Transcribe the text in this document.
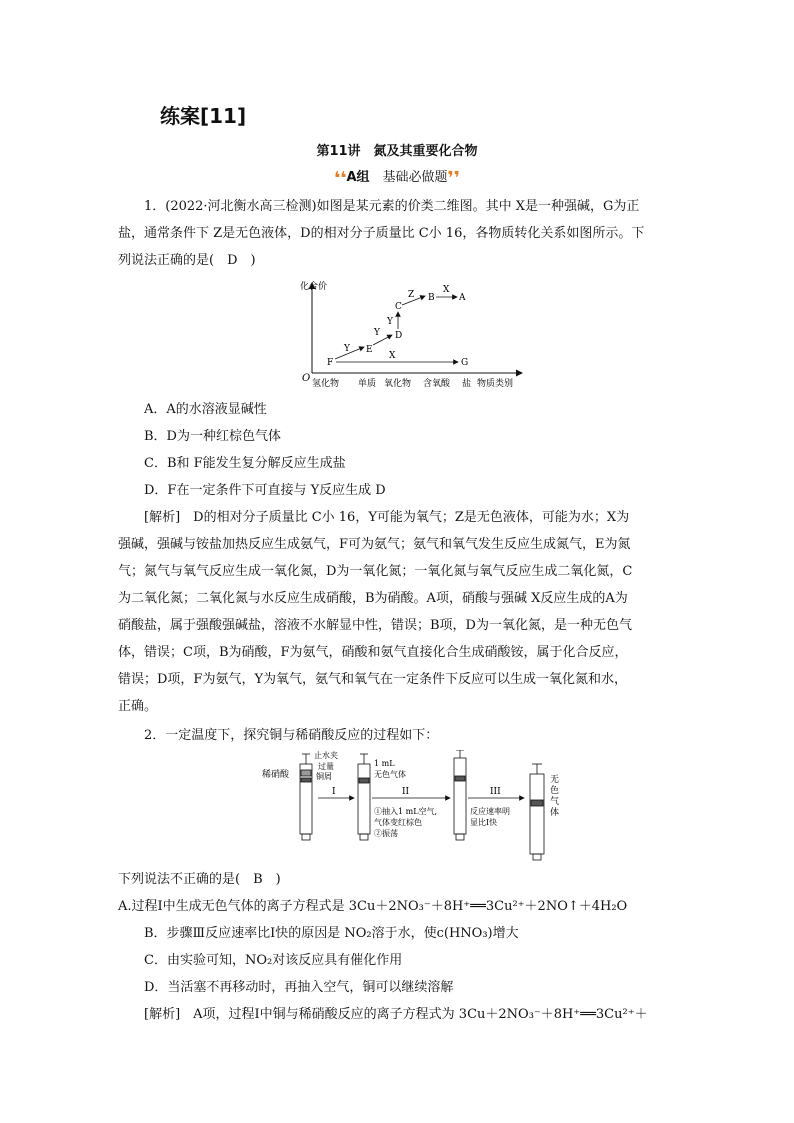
练案[11]
第11讲　氮及其重要化合物
❛❛A组　 基础必做题❜❜
1．(2022·河北衡水高三检测)如图是某元素的价类二维图。其中 X是一种强碱，G为正
盐，通常条件下 Z是无色液体，D的相对分子质量比 C小 16，各物质转化关系如图所示。下
列说法正确的是(　D　)
化合价
O 氢化物 单质 氧化物 含氧酸 盐 物质类别
F
E
D
C
B	A
G
Y
Y
Y
Z	X
X
A．A的水溶液显碱性
B．D为一种红棕色气体
C．B和 F能发生复分解反应生成盐
D．F在一定条件下可直接与 Y反应生成 D
[解析]　D的相对分子质量比 C小 16，Y可能为氧气；Z是无色液体，可能为水；X为
强碱，强碱与铵盐加热反应生成氨气，F可为氨气；氨气和氧气发生反应生成氮气，E为氮
气；氮气与氧气反应生成一氧化氮，D为一氧化氮；一氧化氮与氧气反应生成二氧化氮，C
为二氧化氮；二氧化氮与水反应生成硝酸，B为硝酸。A项，硝酸与强碱 X反应生成的A为
硝酸盐，属于强酸强碱盐，溶液不水解显中性，错误；B项，D为一氧化氮，是一种无色气
体，错误；C项，B为硝酸，F为氨气，硝酸和氨气直接化合生成硝酸铵，属于化合反应，
错误；D项，F为氨气，Y为氧气，氨气和氧气在一定条件下反应可以生成一氧化氮和水，
正确。
2．一定温度下，探究铜与稀硝酸反应的过程如下：
稀硝酸
止水夹
过量
铜屑
I
1 mL
无色气体
II
①抽入1 mL空气,
气体变红棕色
②振荡
III
反应速率明
显比I快
无
色
气
体
下列说法不正确的是(　B　)
A.过程Ⅰ中生成无色气体的离子方程式是 3Cu＋2NO₃⁻＋8H⁺══3Cu²⁺＋2NO↑＋4H₂O
B．步骤Ⅲ反应速率比Ⅰ快的原因是 NO₂溶于水，使c(HNO₃)增大
C．由实验可知，NO₂对该反应具有催化作用
D．当活塞不再移动时，再抽入空气，铜可以继续溶解
[解析]　A项，过程Ⅰ中铜与稀硝酸反应的离子方程式为 3Cu＋2NO₃⁻＋8H⁺══3Cu²⁺＋
